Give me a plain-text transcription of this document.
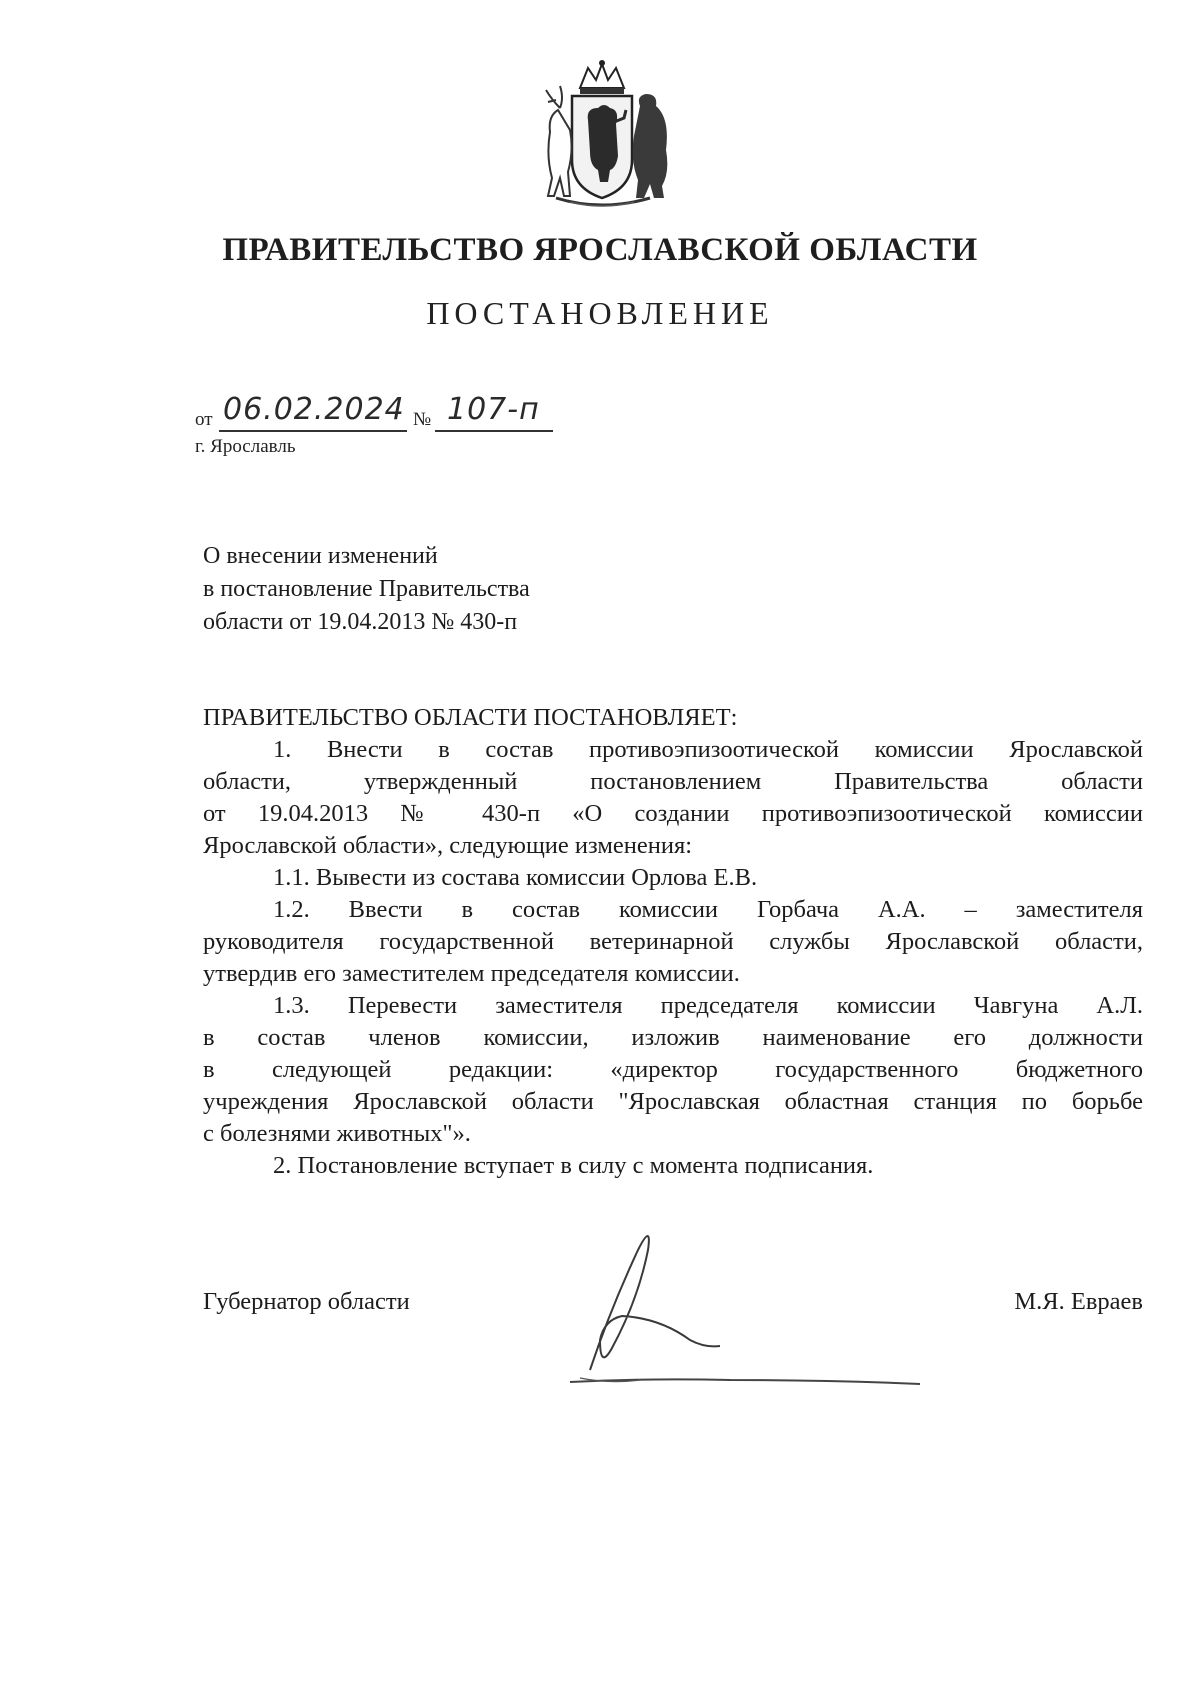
ПРАВИТЕЛЬСТВО ЯРОСЛАВСКОЙ ОБЛАСТИ
ПОСТАНОВЛЕНИЕ
от 06.02.2024 № 107-п
г. Ярославль
О внесении изменений
в постановление Правительства
области от 19.04.2013 № 430-п
ПРАВИТЕЛЬСТВО ОБЛАСТИ ПОСТАНОВЛЯЕТ:
1. Внести в состав противоэпизоотической комиссии Ярославской
области, утвержденный постановлением Правительства области
от 19.04.2013 № 430-п «О создании противоэпизоотической комиссии
Ярославской области», следующие изменения:
1.1. Вывести из состава комиссии Орлова Е.В.
1.2. Ввести в состав комиссии Горбача А.А. – заместителя
руководителя государственной ветеринарной службы Ярославской области,
утвердив его заместителем председателя комиссии.
1.3. Перевести заместителя председателя комиссии Чавгуна А.Л.
в состав членов комиссии, изложив наименование его должности
в следующей редакции: «директор государственного бюджетного
учреждения Ярославской области "Ярославская областная станция по борьбе
с болезнями животных"».
2. Постановление вступает в силу с момента подписания.
Губернатор области	М.Я. Евраев
